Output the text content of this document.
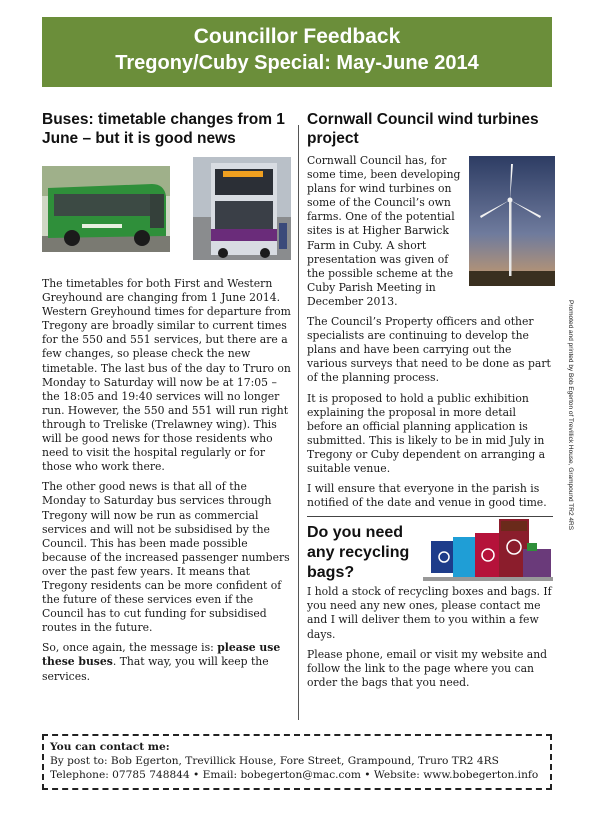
Councillor Feedback
Tregony/Cuby Special: May-June 2014
Buses: timetable changes from 1 June – but it is good news

The timetables for both First and Western Greyhound are changing from 1 June 2014. Western Greyhound times for departure from Tregony are broadly similar to current times for the 550 and 551 services, but there are a few changes, so please check the new timetable. The last bus of the day to Truro on Monday to Saturday will now be at 17:05 – the 18:05 and 19:40 services will no longer run. However, the 550 and 551 will run right through to Treliske (Trelawney wing). This will be good news for those residents who need to visit the hospital regularly or for those who work there.

The other good news is that all of the Monday to Saturday bus services through Tregony will now be run as commercial services and will not be subsidised by the Council. This has been made possible because of the increased passenger numbers over the past few years. It means that Tregony residents can be more confident of the future of these services even if the Council has to cut funding for subsidised routes in the future.

So, once again, the message is: please use these buses. That way, you will keep the services.

Cornwall Council wind turbines project

Cornwall Council has, for some time, been developing plans for wind turbines on some of the Council’s own farms. One of the potential sites is at Higher Barwick Farm in Cuby. A short presentation was given of the possible scheme at the Cuby Parish Meeting in December 2013.

The Council’s Property officers and other specialists are continuing to develop the plans and have been carrying out the various surveys that need to be done as part of the planning process.

It is proposed to hold a public exhibition explaining the proposal in more detail before an official planning application is submitted. This is likely to be in mid July in Tregony or Cuby dependent on arranging a suitable venue.

I will ensure that everyone in the parish is notified of the date and venue in good time.

Do you need
any recycling
bags?

I hold a stock of recycling boxes and bags. If you need any new ones, please contact me and I will deliver them to you within a few days.

Please phone, email or visit my website and follow the link to the page where you can order the bags that you need.

You can contact me:
By post to: Bob Egerton, Trevillick House, Fore Street, Grampound, Truro TR2 4RS
Telephone: 07785 748844 • Email: bobegerton@mac.com • Website: www.bobegerton.info
Promoted and printed by Bob Egerton of Trevillick House, Grampound TR2 4RS
